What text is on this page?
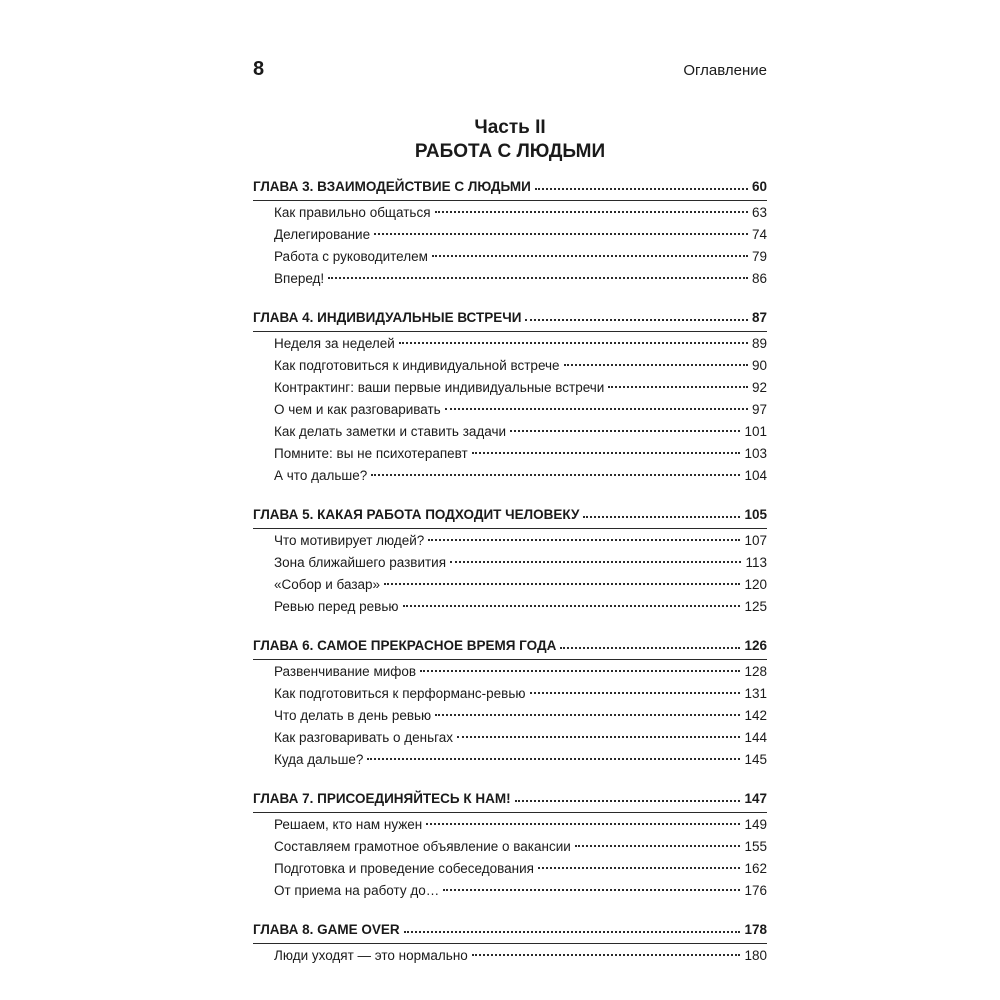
8	Оглавление
Часть II
РАБОТА С ЛЮДЬМИ
ГЛАВА 3. ВЗАИМОДЕЙСТВИЕ С ЛЮДЬМИ	60
Как правильно общаться	63
Делегирование	74
Работа с руководителем	79
Вперед!	86
ГЛАВА 4. ИНДИВИДУАЛЬНЫЕ ВСТРЕЧИ	87
Неделя за неделей	89
Как подготовиться к индивидуальной встрече	90
Контрактинг: ваши первые индивидуальные встречи	92
О чем и как разговаривать	97
Как делать заметки и ставить задачи	101
Помните: вы не психотерапевт	103
А что дальше?	104
ГЛАВА 5. КАКАЯ РАБОТА ПОДХОДИТ ЧЕЛОВЕКУ	105
Что мотивирует людей?	107
Зона ближайшего развития	113
«Собор и базар»	120
Ревью перед ревью	125
ГЛАВА 6. САМОЕ ПРЕКРАСНОЕ ВРЕМЯ ГОДА	126
Развенчивание мифов	128
Как подготовиться к перформанс-ревью	131
Что делать в день ревью	142
Как разговаривать о деньгах	144
Куда дальше?	145
ГЛАВА 7. ПРИСОЕДИНЯЙТЕСЬ К НАМ!	147
Решаем, кто нам нужен	149
Составляем грамотное объявление о вакансии	155
Подготовка и проведение собеседования	162
От приема на работу до…	176
ГЛАВА 8. GAME OVER	178
Люди уходят — это нормально	180
